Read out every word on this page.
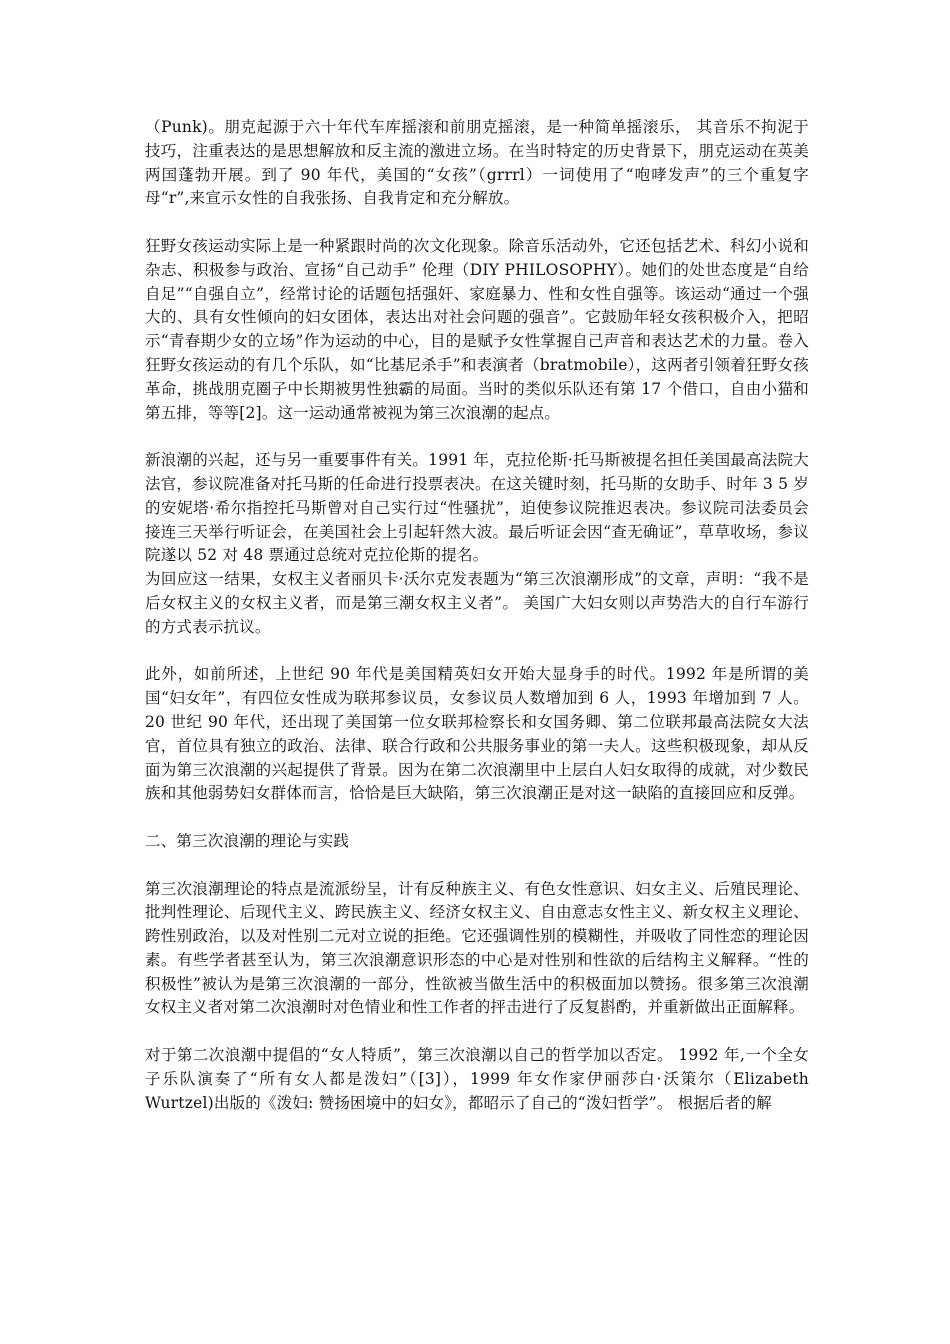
（Punk)。朋克起源于六十年代车库摇滚和前朋克摇滚，是一种简单摇滚乐， 其音乐不拘泥于技巧，注重表达的是思想解放和反主流的激进立场。在当时特定的历史背景下，朋克运动在英美两国蓬勃开展。到了 90 年代，美国的“女孩”（grrrl）一词使用了“咆哮发声”的三个重复字母“r”,来宣示女性的自我张扬、自我肯定和充分解放。

狂野女孩运动实际上是一种紧跟时尚的次文化现象。除音乐活动外，它还包括艺术、科幻小说和杂志、积极参与政治、宣扬“自己动手” 伦理（DIY PHILOSOPHY）。她们的处世态度是“自给自足”“自强自立”，经常讨论的话题包括强奸、家庭暴力、性和女性自强等。该运动“通过一个强大的、具有女性倾向的妇女团体，表达出对社会问题的强音”。它鼓励年轻女孩积极介入，把昭示“青春期少女的立场”作为运动的中心，目的是赋予女性掌握自己声音和表达艺术的力量。卷入狂野女孩运动的有几个乐队，如“比基尼杀手”和表演者（bratmobile），这两者引领着狂野女孩革命，挑战朋克圈子中长期被男性独霸的局面。当时的类似乐队还有第 17 个借口，自由小猫和第五排，等等[2]。这一运动通常被视为第三次浪潮的起点。

新浪潮的兴起，还与另一重要事件有关。1991 年，克拉伦斯·托马斯被提名担任美国最高法院大法官，参议院准备对托马斯的任命进行投票表决。在这关键时刻，托马斯的女助手、时年 3 5 岁的安妮塔·希尔指控托马斯曾对自己实行过“性骚扰”，迫使参议院推迟表决。参议院司法委员会接连三天举行听证会，在美国社会上引起轩然大波。最后听证会因“查无确证”，草草收场，参议院遂以 52 对 48 票通过总统对克拉伦斯的提名。

为回应这一结果，女权主义者丽贝卡·沃尔克发表题为“第三次浪潮形成”的文章，声明：“我不是后女权主义的女权主义者，而是第三潮女权主义者”。 美国广大妇女则以声势浩大的自行车游行的方式表示抗议。

此外，如前所述，上世纪 90 年代是美国精英妇女开始大显身手的时代。1992 年是所谓的美国“妇女年”，有四位女性成为联邦参议员，女参议员人数增加到 6 人，1993 年增加到 7 人。20 世纪 90 年代，还出现了美国第一位女联邦检察长和女国务卿、第二位联邦最高法院女大法官，首位具有独立的政治、法律、联合行政和公共服务事业的第一夫人。这些积极现象，却从反面为第三次浪潮的兴起提供了背景。因为在第二次浪潮里中上层白人妇女取得的成就，对少数民族和其他弱势妇女群体而言，恰恰是巨大缺陷，第三次浪潮正是对这一缺陷的直接回应和反弹。

二、第三次浪潮的理论与实践

第三次浪潮理论的特点是流派纷呈，计有反种族主义、有色女性意识、妇女主义、后殖民理论、批判性理论、后现代主义、跨民族主义、经济女权主义、自由意志女性主义、新女权主义理论、跨性别政治，以及对性别二元对立说的拒绝。它还强调性别的模糊性，并吸收了同性恋的理论因素。有些学者甚至认为，第三次浪潮意识形态的中心是对性别和性欲的后结构主义解释。“性的积极性”被认为是第三次浪潮的一部分，性欲被当做生活中的积极面加以赞扬。很多第三次浪潮女权主义者对第二次浪潮时对色情业和性工作者的抨击进行了反复斟酌，并重新做出正面解释。

对于第二次浪潮中提倡的“女人特质”，第三次浪潮以自己的哲学加以否定。 1992 年,一个全女子乐队演奏了“所有女人都是泼妇”（[3]），1999 年女作家伊丽莎白·沃策尔（Elizabeth Wurtzel)出版的《泼妇: 赞扬困境中的妇女》，都昭示了自己的“泼妇哲学”。 根据后者的解
